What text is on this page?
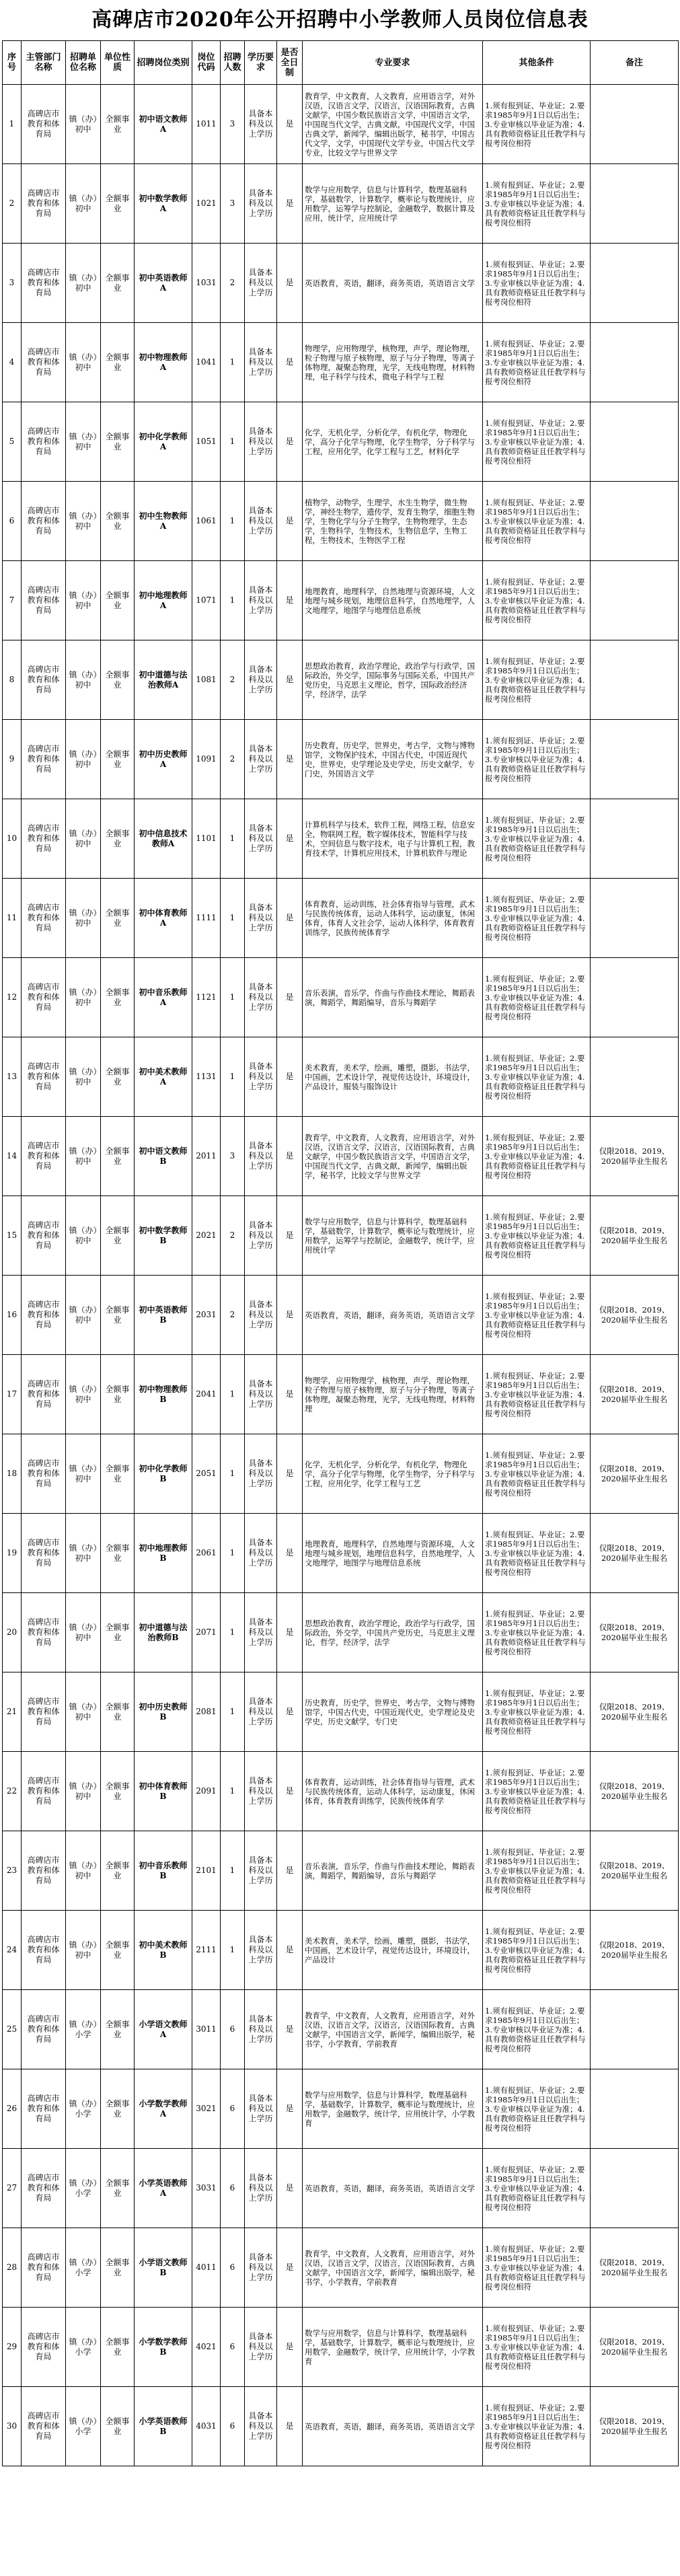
高碑店市2020年公开招聘中小学教师人员岗位信息表
序号	主管部门名称	招聘单位名称	单位性质	招聘岗位类别	岗位代码	招聘人数	学历要求	是否全日制	专业要求	其他条件	备注
1	高碑店市教育和体育局	镇（办）初中	全额事业	初中语文教师A	1011	3	具备本科及以上学历	是	教育学，中文教育，人文教育，应用语言学，对外汉语，汉语言文学，汉语言，汉语国际教育，古典文献学，中国少数民族语言文学，中国语言文学，中国现当代文学，古典文献，中国现代文学，中国古典文学，新闻学，编辑出版学，秘书学，中国古代文学，文学，中国现代文学专业，中国古代文学专业，比较文学与世界文学	1.须有报到证、毕业证；2.要求1985年9月1日以后出生；3.专业审核以毕业证为准；4.具有教师资格证且任教学科与报考岗位相符	
2	高碑店市教育和体育局	镇（办）初中	全额事业	初中数学教师A	1021	3	具备本科及以上学历	是	数学与应用数学，信息与计算科学，数理基础科学，基础数学，计算数学，概率论与数理统计，应用数学，运筹学与控制论，金融数学，数据计算及应用，统计学，应用统计学	1.须有报到证、毕业证；2.要求1985年9月1日以后出生；3.专业审核以毕业证为准；4.具有教师资格证且任教学科与报考岗位相符	
3	高碑店市教育和体育局	镇（办）初中	全额事业	初中英语教师A	1031	2	具备本科及以上学历	是	英语教育，英语，翻译，商务英语，英语语言文学	1.须有报到证、毕业证；2.要求1985年9月1日以后出生；3.专业审核以毕业证为准；4.具有教师资格证且任教学科与报考岗位相符	
4	高碑店市教育和体育局	镇（办）初中	全额事业	初中物理教师A	1041	1	具备本科及以上学历	是	物理学，应用物理学，核物理，声学，理论物理，粒子物理与原子核物理，原子与分子物理，等离子体物理，凝聚态物理，光学，无线电物理，材料物理，电子科学与技术，微电子科学与工程	1.须有报到证、毕业证；2.要求1985年9月1日以后出生；3.专业审核以毕业证为准；4.具有教师资格证且任教学科与报考岗位相符	
5	高碑店市教育和体育局	镇（办）初中	全额事业	初中化学教师A	1051	1	具备本科及以上学历	是	化学，无机化学，分析化学，有机化学，物理化学，高分子化学与物理，化学生物学，分子科学与工程，应用化学，化学工程与工艺，材料化学	1.须有报到证、毕业证；2.要求1985年9月1日以后出生；3.专业审核以毕业证为准；4.具有教师资格证且任教学科与报考岗位相符	
6	高碑店市教育和体育局	镇（办）初中	全额事业	初中生物教师A	1061	1	具备本科及以上学历	是	植物学，动物学，生理学，水生生物学，微生物学，神经生物学，遗传学，发育生物学，细胞生物学，生物化学与分子生物学，生物物理学，生态学，生物科学，生物技术，生物信息学，生物工程，生物技术，生物医学工程	1.须有报到证、毕业证；2.要求1985年9月1日以后出生；3.专业审核以毕业证为准；4.具有教师资格证且任教学科与报考岗位相符	
7	高碑店市教育和体育局	镇（办）初中	全额事业	初中地理教师A	1071	1	具备本科及以上学历	是	地理教育，地理科学，自然地理与资源环境，人文地理与城乡规划，地理信息科学，自然地理学，人文地理学，地图学与地理信息系统	1.须有报到证、毕业证；2.要求1985年9月1日以后出生；3.专业审核以毕业证为准；4.具有教师资格证且任教学科与报考岗位相符	
8	高碑店市教育和体育局	镇（办）初中	全额事业	初中道德与法治教师A	1081	2	具备本科及以上学历	是	思想政治教育，政治学理论，政治学与行政学，国际政治，外交学，国际事务与国际关系，中国共产党历史，马克思主义理论，哲学，国际政治经济学，经济学，法学	1.须有报到证、毕业证；2.要求1985年9月1日以后出生；3.专业审核以毕业证为准；4.具有教师资格证且任教学科与报考岗位相符	
9	高碑店市教育和体育局	镇（办）初中	全额事业	初中历史教师A	1091	2	具备本科及以上学历	是	历史教育，历史学，世界史，考古学，文物与博物馆学，文物保护技术，中国古代史，中国近现代史，世界史，史学理论及史学史，历史文献学，专门史，外国语言文学	1.须有报到证、毕业证；2.要求1985年9月1日以后出生；3.专业审核以毕业证为准；4.具有教师资格证且任教学科与报考岗位相符	
10	高碑店市教育和体育局	镇（办）初中	全额事业	初中信息技术教师A	1101	1	具备本科及以上学历	是	计算机科学与技术，软件工程，网络工程，信息安全，物联网工程，数字媒体技术，智能科学与技术，空间信息与数字技术，电子与计算机工程，教育技术学，计算机应用技术，计算机软件与理论	1.须有报到证、毕业证；2.要求1985年9月1日以后出生；3.专业审核以毕业证为准；4.具有教师资格证且任教学科与报考岗位相符	
11	高碑店市教育和体育局	镇（办）初中	全额事业	初中体育教师A	1111	1	具备本科及以上学历	是	体育教育，运动训练，社会体育指导与管理，武术与民族传统体育，运动人体科学，运动康复，休闲体育，体育人文社会学，运动人体科学，体育教育训练学，民族传统体育学	1.须有报到证、毕业证；2.要求1985年9月1日以后出生；3.专业审核以毕业证为准；4.具有教师资格证且任教学科与报考岗位相符	
12	高碑店市教育和体育局	镇（办）初中	全额事业	初中音乐教师A	1121	1	具备本科及以上学历	是	音乐表演，音乐学，作曲与作曲技术理论，舞蹈表演，舞蹈学，舞蹈编导，音乐与舞蹈学	1.须有报到证、毕业证；2.要求1985年9月1日以后出生；3.专业审核以毕业证为准；4.具有教师资格证且任教学科与报考岗位相符	
13	高碑店市教育和体育局	镇（办）初中	全额事业	初中美术教师A	1131	1	具备本科及以上学历	是	美术教育，美术学，绘画，雕塑，摄影，书法学，中国画，艺术设计学，视觉传达设计，环境设计，产品设计，服装与服饰设计	1.须有报到证、毕业证；2.要求1985年9月1日以后出生；3.专业审核以毕业证为准；4.具有教师资格证且任教学科与报考岗位相符	
14	高碑店市教育和体育局	镇（办）初中	全额事业	初中语文教师B	2011	3	具备本科及以上学历	是	教育学，中文教育，人文教育，应用语言学，对外汉语，汉语言文学，汉语言，汉语国际教育，古典文献学，中国少数民族语言文学，中国语言文学，中国现当代文学，古典文献，新闻学，编辑出版学，秘书学，比较文学与世界文学	1.须有报到证、毕业证；2.要求1985年9月1日以后出生；3.专业审核以毕业证为准；4.具有教师资格证且任教学科与报考岗位相符	仅限2018、2019、2020届毕业生报名
15	高碑店市教育和体育局	镇（办）初中	全额事业	初中数学教师B	2021	2	具备本科及以上学历	是	数学与应用数学，信息与计算科学，数理基础科学，基础数学，计算数学，概率论与数理统计，应用数学，运筹学与控制论，金融数学，统计学，应用统计学	1.须有报到证、毕业证；2.要求1985年9月1日以后出生；3.专业审核以毕业证为准；4.具有教师资格证且任教学科与报考岗位相符	仅限2018、2019、2020届毕业生报名
16	高碑店市教育和体育局	镇（办）初中	全额事业	初中英语教师B	2031	2	具备本科及以上学历	是	英语教育，英语，翻译，商务英语，英语语言文学	1.须有报到证、毕业证；2.要求1985年9月1日以后出生；3.专业审核以毕业证为准；4.具有教师资格证且任教学科与报考岗位相符	仅限2018、2019、2020届毕业生报名
17	高碑店市教育和体育局	镇（办）初中	全额事业	初中物理教师B	2041	1	具备本科及以上学历	是	物理学，应用物理学，核物理，声学，理论物理，粒子物理与原子核物理，原子与分子物理，等离子体物理，凝聚态物理，光学，无线电物理，材料物理	1.须有报到证、毕业证；2.要求1985年9月1日以后出生；3.专业审核以毕业证为准；4.具有教师资格证且任教学科与报考岗位相符	仅限2018、2019、2020届毕业生报名
18	高碑店市教育和体育局	镇（办）初中	全额事业	初中化学教师B	2051	1	具备本科及以上学历	是	化学，无机化学，分析化学，有机化学，物理化学，高分子化学与物理，化学生物学，分子科学与工程，应用化学，化学工程与工艺	1.须有报到证、毕业证；2.要求1985年9月1日以后出生；3.专业审核以毕业证为准；4.具有教师资格证且任教学科与报考岗位相符	仅限2018、2019、2020届毕业生报名
19	高碑店市教育和体育局	镇（办）初中	全额事业	初中地理教师B	2061	1	具备本科及以上学历	是	地理教育，地理科学，自然地理与资源环境，人文地理与城乡规划，地理信息科学，自然地理学，人文地理学，地图学与地理信息系统	1.须有报到证、毕业证；2.要求1985年9月1日以后出生；3.专业审核以毕业证为准；4.具有教师资格证且任教学科与报考岗位相符	仅限2018、2019、2020届毕业生报名
20	高碑店市教育和体育局	镇（办）初中	全额事业	初中道德与法治教师B	2071	1	具备本科及以上学历	是	思想政治教育，政治学理论，政治学与行政学，国际政治，外交学，中国共产党历史，马克思主义理论，哲学，经济学，法学	1.须有报到证、毕业证；2.要求1985年9月1日以后出生；3.专业审核以毕业证为准；4.具有教师资格证且任教学科与报考岗位相符	仅限2018、2019、2020届毕业生报名
21	高碑店市教育和体育局	镇（办）初中	全额事业	初中历史教师B	2081	1	具备本科及以上学历	是	历史教育，历史学，世界史，考古学，文物与博物馆学，中国古代史，中国近现代史，史学理论及史学史，历史文献学，专门史	1.须有报到证、毕业证；2.要求1985年9月1日以后出生；3.专业审核以毕业证为准；4.具有教师资格证且任教学科与报考岗位相符	仅限2018、2019、2020届毕业生报名
22	高碑店市教育和体育局	镇（办）初中	全额事业	初中体育教师B	2091	1	具备本科及以上学历	是	体育教育，运动训练，社会体育指导与管理，武术与民族传统体育，运动人体科学，运动康复，休闲体育，体育教育训练学，民族传统体育学	1.须有报到证、毕业证；2.要求1985年9月1日以后出生；3.专业审核以毕业证为准；4.具有教师资格证且任教学科与报考岗位相符	仅限2018、2019、2020届毕业生报名
23	高碑店市教育和体育局	镇（办）初中	全额事业	初中音乐教师B	2101	1	具备本科及以上学历	是	音乐表演，音乐学，作曲与作曲技术理论，舞蹈表演，舞蹈学，舞蹈编导，音乐与舞蹈学	1.须有报到证、毕业证；2.要求1985年9月1日以后出生；3.专业审核以毕业证为准；4.具有教师资格证且任教学科与报考岗位相符	仅限2018、2019、2020届毕业生报名
24	高碑店市教育和体育局	镇（办）初中	全额事业	初中美术教师B	2111	1	具备本科及以上学历	是	美术教育，美术学，绘画，雕塑，摄影，书法学，中国画，艺术设计学，视觉传达设计，环境设计，产品设计	1.须有报到证、毕业证；2.要求1985年9月1日以后出生；3.专业审核以毕业证为准；4.具有教师资格证且任教学科与报考岗位相符	仅限2018、2019、2020届毕业生报名
25	高碑店市教育和体育局	镇（办）小学	全额事业	小学语文教师A	3011	6	具备本科及以上学历	是	教育学，中文教育，人文教育，应用语言学，对外汉语，汉语言文学，汉语言，汉语国际教育，古典文献学，中国语言文学，新闻学，编辑出版学，秘书学，小学教育，学前教育	1.须有报到证、毕业证；2.要求1985年9月1日以后出生；3.专业审核以毕业证为准；4.具有教师资格证且任教学科与报考岗位相符	
26	高碑店市教育和体育局	镇（办）小学	全额事业	小学数学教师A	3021	6	具备本科及以上学历	是	数学与应用数学，信息与计算科学，数理基础科学，基础数学，计算数学，概率论与数理统计，应用数学，金融数学，统计学，应用统计学，小学教育	1.须有报到证、毕业证；2.要求1985年9月1日以后出生；3.专业审核以毕业证为准；4.具有教师资格证且任教学科与报考岗位相符	
27	高碑店市教育和体育局	镇（办）小学	全额事业	小学英语教师A	3031	6	具备本科及以上学历	是	英语教育，英语，翻译，商务英语，英语语言文学	1.须有报到证、毕业证；2.要求1985年9月1日以后出生；3.专业审核以毕业证为准；4.具有教师资格证且任教学科与报考岗位相符	
28	高碑店市教育和体育局	镇（办）小学	全额事业	小学语文教师B	4011	6	具备本科及以上学历	是	教育学，中文教育，人文教育，应用语言学，对外汉语，汉语言文学，汉语言，汉语国际教育，古典文献学，中国语言文学，新闻学，编辑出版学，秘书学，小学教育，学前教育	1.须有报到证、毕业证；2.要求1985年9月1日以后出生；3.专业审核以毕业证为准；4.具有教师资格证且任教学科与报考岗位相符	仅限2018、2019、2020届毕业生报名
29	高碑店市教育和体育局	镇（办）小学	全额事业	小学数学教师B	4021	6	具备本科及以上学历	是	数学与应用数学，信息与计算科学，数理基础科学，基础数学，计算数学，概率论与数理统计，应用数学，金融数学，统计学，应用统计学，小学教育	1.须有报到证、毕业证；2.要求1985年9月1日以后出生；3.专业审核以毕业证为准；4.具有教师资格证且任教学科与报考岗位相符	仅限2018、2019、2020届毕业生报名
30	高碑店市教育和体育局	镇（办）小学	全额事业	小学英语教师B	4031	6	具备本科及以上学历	是	英语教育，英语，翻译，商务英语，英语语言文学	1.须有报到证、毕业证；2.要求1985年9月1日以后出生；3.专业审核以毕业证为准；4.具有教师资格证且任教学科与报考岗位相符	仅限2018、2019、2020届毕业生报名
